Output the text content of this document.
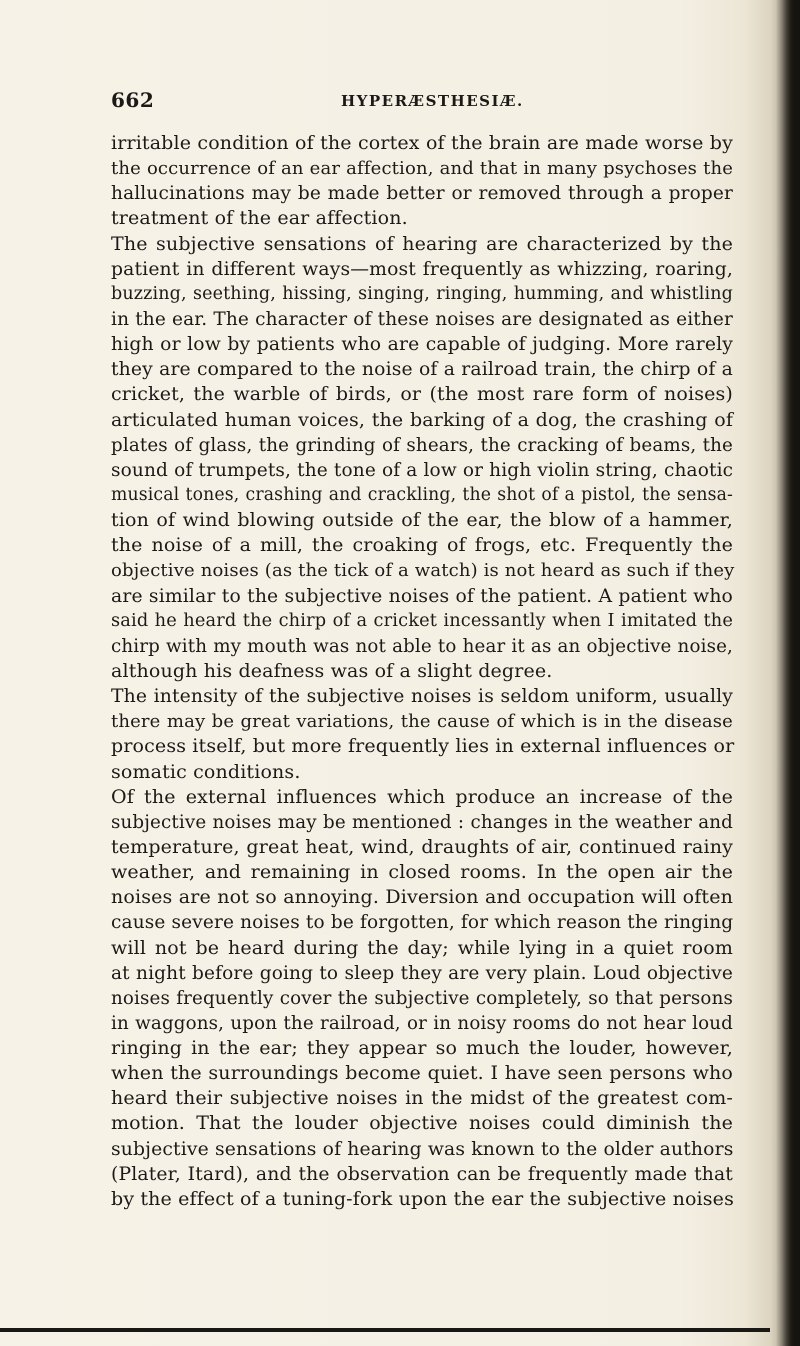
662	HYPERÆSTHESIÆ.
irritable condition of the cortex of the brain are made worse by
the occurrence of an ear affection, and that in many psychoses the
hallucinations may be made better or removed through a proper
treatment of the ear affection.
The subjective sensations of hearing are characterized by the
patient in different ways—most frequently as whizzing, roaring,
buzzing, seething, hissing, singing, ringing, humming, and whistling
in the ear. The character of these noises are designated as either
high or low by patients who are capable of judging. More rarely
they are compared to the noise of a railroad train, the chirp of a
cricket, the warble of birds, or (the most rare form of noises)
articulated human voices, the barking of a dog, the crashing of
plates of glass, the grinding of shears, the cracking of beams, the
sound of trumpets, the tone of a low or high violin string, chaotic
musical tones, crashing and crackling, the shot of a pistol, the sensa-
tion of wind blowing outside of the ear, the blow of a hammer,
the noise of a mill, the croaking of frogs, etc. Frequently the
objective noises (as the tick of a watch) is not heard as such if they
are similar to the subjective noises of the patient. A patient who
said he heard the chirp of a cricket incessantly when I imitated the
chirp with my mouth was not able to hear it as an objective noise,
although his deafness was of a slight degree.
The intensity of the subjective noises is seldom uniform, usually
there may be great variations, the cause of which is in the disease
process itself, but more frequently lies in external influences or
somatic conditions.
Of the external influences which produce an increase of the
subjective noises may be mentioned : changes in the weather and
temperature, great heat, wind, draughts of air, continued rainy
weather, and remaining in closed rooms. In the open air the
noises are not so annoying. Diversion and occupation will often
cause severe noises to be forgotten, for which reason the ringing
will not be heard during the day; while lying in a quiet room
at night before going to sleep they are very plain. Loud objective
noises frequently cover the subjective completely, so that persons
in waggons, upon the railroad, or in noisy rooms do not hear loud
ringing in the ear; they appear so much the louder, however,
when the surroundings become quiet. I have seen persons who
heard their subjective noises in the midst of the greatest com-
motion. That the louder objective noises could diminish the
subjective sensations of hearing was known to the older authors
(Plater, Itard), and the observation can be frequently made that
by the effect of a tuning-fork upon the ear the subjective noises
